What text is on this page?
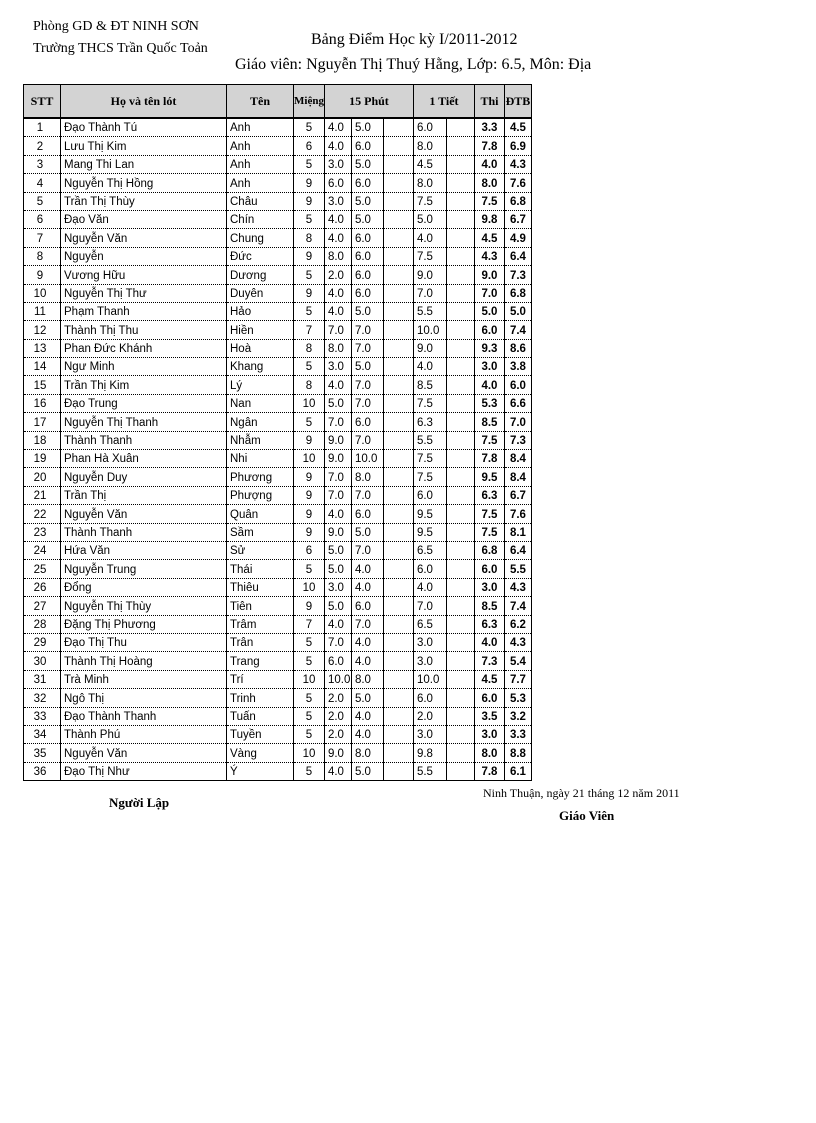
Phòng GD & ĐT NINH SƠN
Trường THCS Trần Quốc Toản
Bảng Điểm Học kỳ I/2011-2012
Giáo viên: Nguyễn Thị Thuý Hằng, Lớp: 6.5, Môn: Địa
STT	Họ và tên lót	Tên	Miệng	15 Phút			1 Tiết		Thi	ĐTB
1	Đạo Thành Tú	Anh	5	4.0	5.0		6.0		3.3	4.5
2	Lưu Thị Kim	Anh	6	4.0	6.0		8.0		7.8	6.9
3	Mang Thi Lan	Anh	5	3.0	5.0		4.5		4.0	4.3
4	Nguyễn Thị Hồng	Anh	9	6.0	6.0		8.0		8.0	7.6
5	Trần Thị Thùy	Châu	9	3.0	5.0		7.5		7.5	6.8
6	Đạo Văn	Chín	5	4.0	5.0		5.0		9.8	6.7
7	Nguyễn Văn	Chung	8	4.0	6.0		4.0		4.5	4.9
8	Nguyễn	Đức	9	8.0	6.0		7.5		4.3	6.4
9	Vương Hữu	Dương	5	2.0	6.0		9.0		9.0	7.3
10	Nguyễn Thị Thư	Duyên	9	4.0	6.0		7.0		7.0	6.8
11	Phạm Thanh	Hảo	5	4.0	5.0		5.5		5.0	5.0
12	Thành Thị Thu	Hiền	7	7.0	7.0		10.0		6.0	7.4
13	Phan Đức Khánh	Hoà	8	8.0	7.0		9.0		9.3	8.6
14	Ngư Minh	Khang	5	3.0	5.0		4.0		3.0	3.8
15	Trần Thị Kim	Lý	8	4.0	7.0		8.5		4.0	6.0
16	Đạo Trung	Nan	10	5.0	7.0		7.5		5.3	6.6
17	Nguyễn Thị Thanh	Ngân	5	7.0	6.0		6.3		8.5	7.0
18	Thành Thanh	Nhẫm	9	9.0	7.0		5.5		7.5	7.3
19	Phan Hà Xuân	Nhi	10	9.0	10.0		7.5		7.8	8.4
20	Nguyễn Duy	Phương	9	7.0	8.0		7.5		9.5	8.4
21	Trần Thị	Phượng	9	7.0	7.0		6.0		6.3	6.7
22	Nguyễn Văn	Quân	9	4.0	6.0		9.5		7.5	7.6
23	Thành Thanh	Sầm	9	9.0	5.0		9.5		7.5	8.1
24	Hứa Văn	Sử	6	5.0	7.0		6.5		6.8	6.4
25	Nguyễn Trung	Thái	5	5.0	4.0		6.0		6.0	5.5
26	Đổng	Thiêu	10	3.0	4.0		4.0		3.0	4.3
27	Nguyễn Thị Thùy	Tiên	9	5.0	6.0		7.0		8.5	7.4
28	Đặng Thị Phương	Trâm	7	4.0	7.0		6.5		6.3	6.2
29	Đạo Thị Thu	Trân	5	7.0	4.0		3.0		4.0	4.3
30	Thành Thị Hoàng	Trang	5	6.0	4.0		3.0		7.3	5.4
31	Trà Minh	Trí	10	10.0	8.0		10.0		4.5	7.7
32	Ngô Thị	Trinh	5	2.0	5.0		6.0		6.0	5.3
33	Đạo Thành Thanh	Tuấn	5	2.0	4.0		2.0		3.5	3.2
34	Thành Phú	Tuyền	5	2.0	4.0		3.0		3.0	3.3
35	Nguyễn Văn	Vàng	10	9.0	8.0		9.8		8.0	8.8
36	Đạo Thị Như	Ý	5	4.0	5.0		5.5		7.8	6.1
Ninh Thuận, ngày 21 tháng 12 năm 2011
Người Lập
Giáo Viên
